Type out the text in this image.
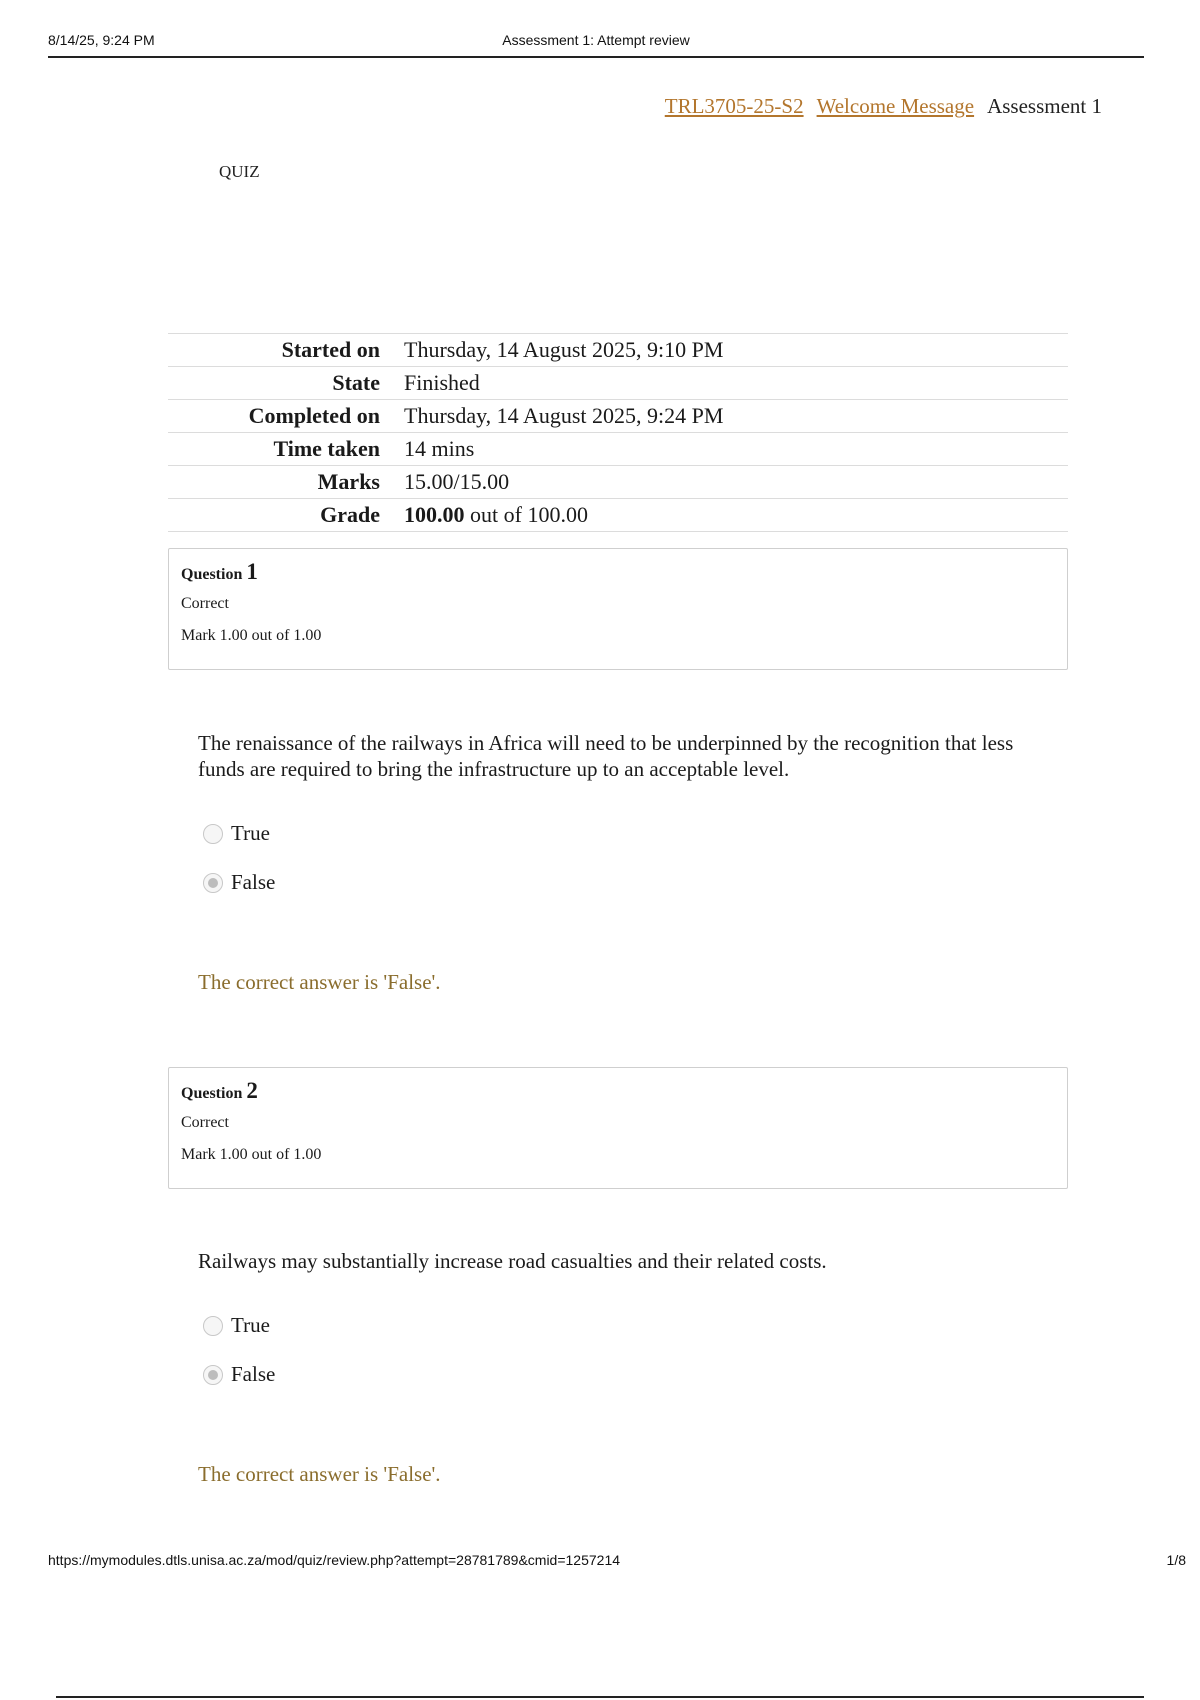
8/14/25, 9:24 PM	Assessment 1: Attempt review
TRL3705-25-S2 Welcome Message Assessment 1
QUIZ
Started on	Thursday, 14 August 2025, 9:10 PM
State	Finished
Completed on	Thursday, 14 August 2025, 9:24 PM
Time taken	14 mins
Marks	15.00/15.00
Grade	100.00 out of 100.00
Question 1
Correct
Mark 1.00 out of 1.00
The renaissance of the railways in Africa will need to be underpinned by the recognition that less funds are required to bring the infrastructure up to an acceptable level.
True
False
The correct answer is 'False'.
Question 2
Correct
Mark 1.00 out of 1.00
Railways may substantially increase road casualties and their related costs.
True
False
The correct answer is 'False'.
https://mymodules.dtls.unisa.ac.za/mod/quiz/review.php?attempt=28781789&cmid=1257214	1/8
